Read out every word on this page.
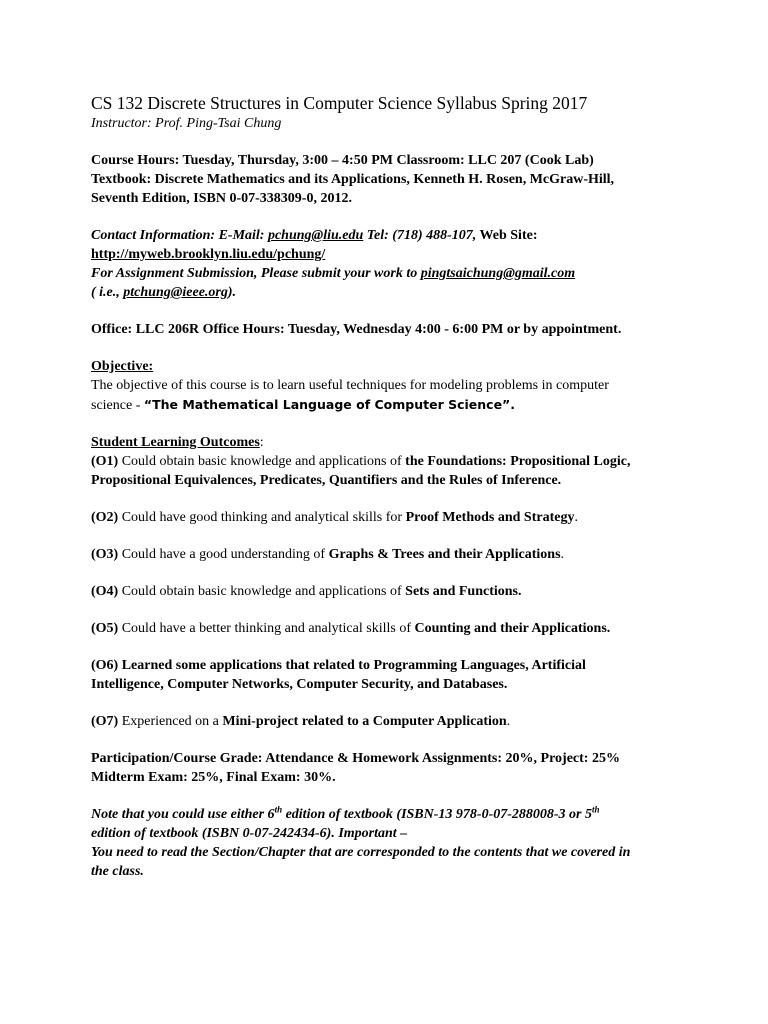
CS 132 Discrete Structures in Computer Science Syllabus Spring 2017

Instructor: Prof. Ping-Tsai Chung

Course Hours: Tuesday, Thursday, 3:00 – 4:50 PM Classroom: LLC 207 (Cook Lab)

Textbook: Discrete Mathematics and its Applications, Kenneth H. Rosen, McGraw-Hill,

Seventh Edition, ISBN 0-07-338309-0, 2012.

Contact Information: E-Mail: pchung@liu.edu Tel: (718) 488-107, Web Site:

http://myweb.brooklyn.liu.edu/pchung/

For Assignment Submission, Please submit your work to pingtsaichung@gmail.com

( i.e., ptchung@ieee.org).

Office: LLC 206R Office Hours: Tuesday, Wednesday 4:00 - 6:00 PM or by appointment.

Objective:

The objective of this course is to learn useful techniques for modeling problems in computer

science - “The Mathematical Language of Computer Science”.

Student Learning Outcomes:

(O1) Could obtain basic knowledge and applications of the Foundations: Propositional Logic,

Propositional Equivalences, Predicates, Quantifiers and the Rules of Inference.

(O2) Could have good thinking and analytical skills for Proof Methods and Strategy.

(O3) Could have a good understanding of Graphs & Trees and their Applications.

(O4) Could obtain basic knowledge and applications of Sets and Functions.

(O5) Could have a better thinking and analytical skills of Counting and their Applications.

(O6) Learned some applications that related to Programming Languages, Artificial

Intelligence, Computer Networks, Computer Security, and Databases.

(O7) Experienced on a Mini-project related to a Computer Application.

Participation/Course Grade: Attendance & Homework Assignments: 20%, Project: 25%

Midterm Exam: 25%, Final Exam: 30%.

Note that you could use either 6th edition of textbook (ISBN-13 978-0-07-288008-3 or 5th

edition of textbook (ISBN 0-07-242434-6). Important –

You need to read the Section/Chapter that are corresponded to the contents that we covered in

the class.
